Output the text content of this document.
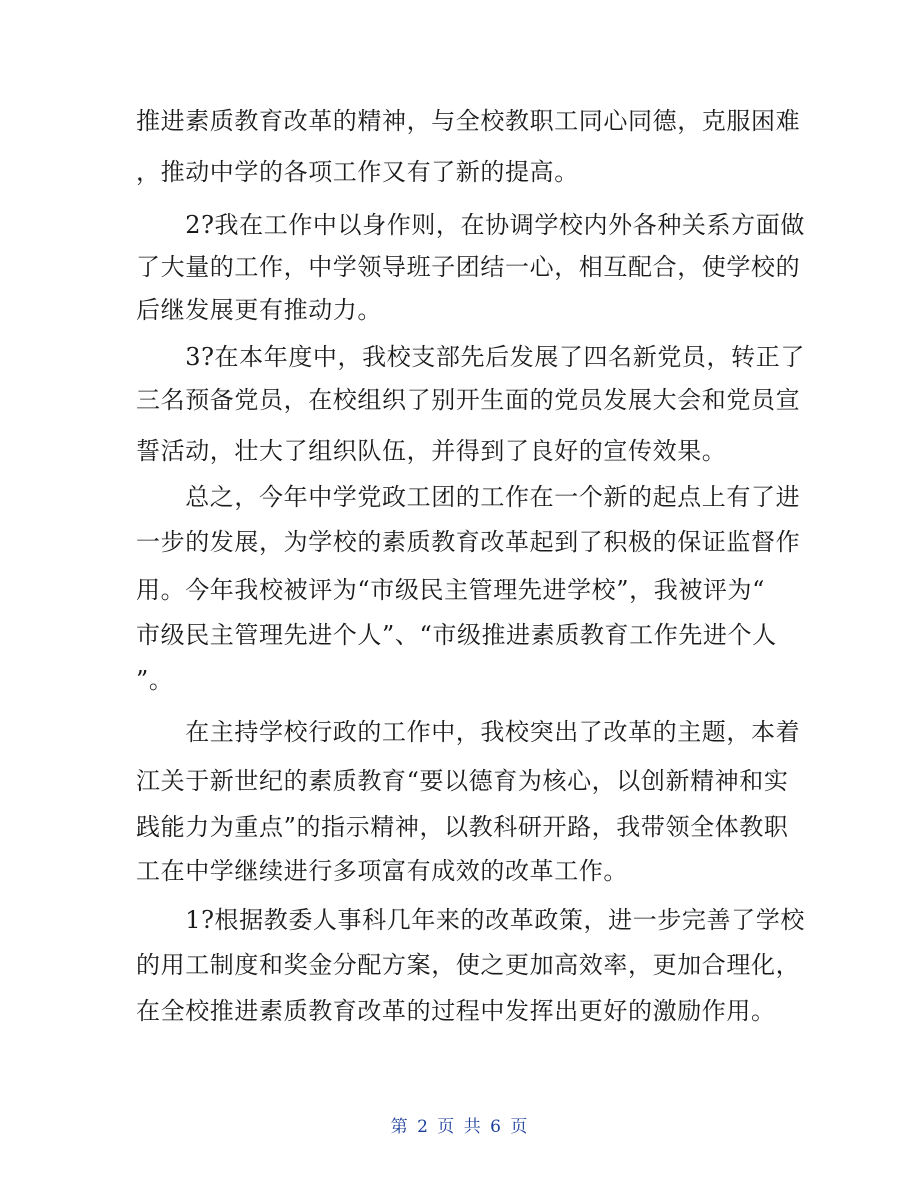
推进素质教育改革的精神，与全校教职工同心同德，克服困难
，推动中学的各项工作又有了新的提高。
　　2?我在工作中以身作则，在协调学校内外各种关系方面做
了大量的工作，中学领导班子团结一心，相互配合，使学校的
后继发展更有推动力。
　　3?在本年度中，我校支部先后发展了四名新党员，转正了
三名预备党员，在校组织了别开生面的党员发展大会和党员宣
誓活动，壮大了组织队伍，并得到了良好的宣传效果。
　　总之，今年中学党政工团的工作在一个新的起点上有了进
一步的发展，为学校的素质教育改革起到了积极的保证监督作
用。今年我校被评为“市级民主管理先进学校”，我被评为“
市级民主管理先进个人”、“市级推进素质教育工作先进个人
”。
　　在主持学校行政的工作中，我校突出了改革的主题，本着
江关于新世纪的素质教育“要以德育为核心，以创新精神和实
践能力为重点”的指示精神，以教科研开路，我带领全体教职
工在中学继续进行多项富有成效的改革工作。
　　1?根据教委人事科几年来的改革政策，进一步完善了学校
的用工制度和奖金分配方案，使之更加高效率，更加合理化，
在全校推进素质教育改革的过程中发挥出更好的激励作用。
第 2 页 共 6 页
